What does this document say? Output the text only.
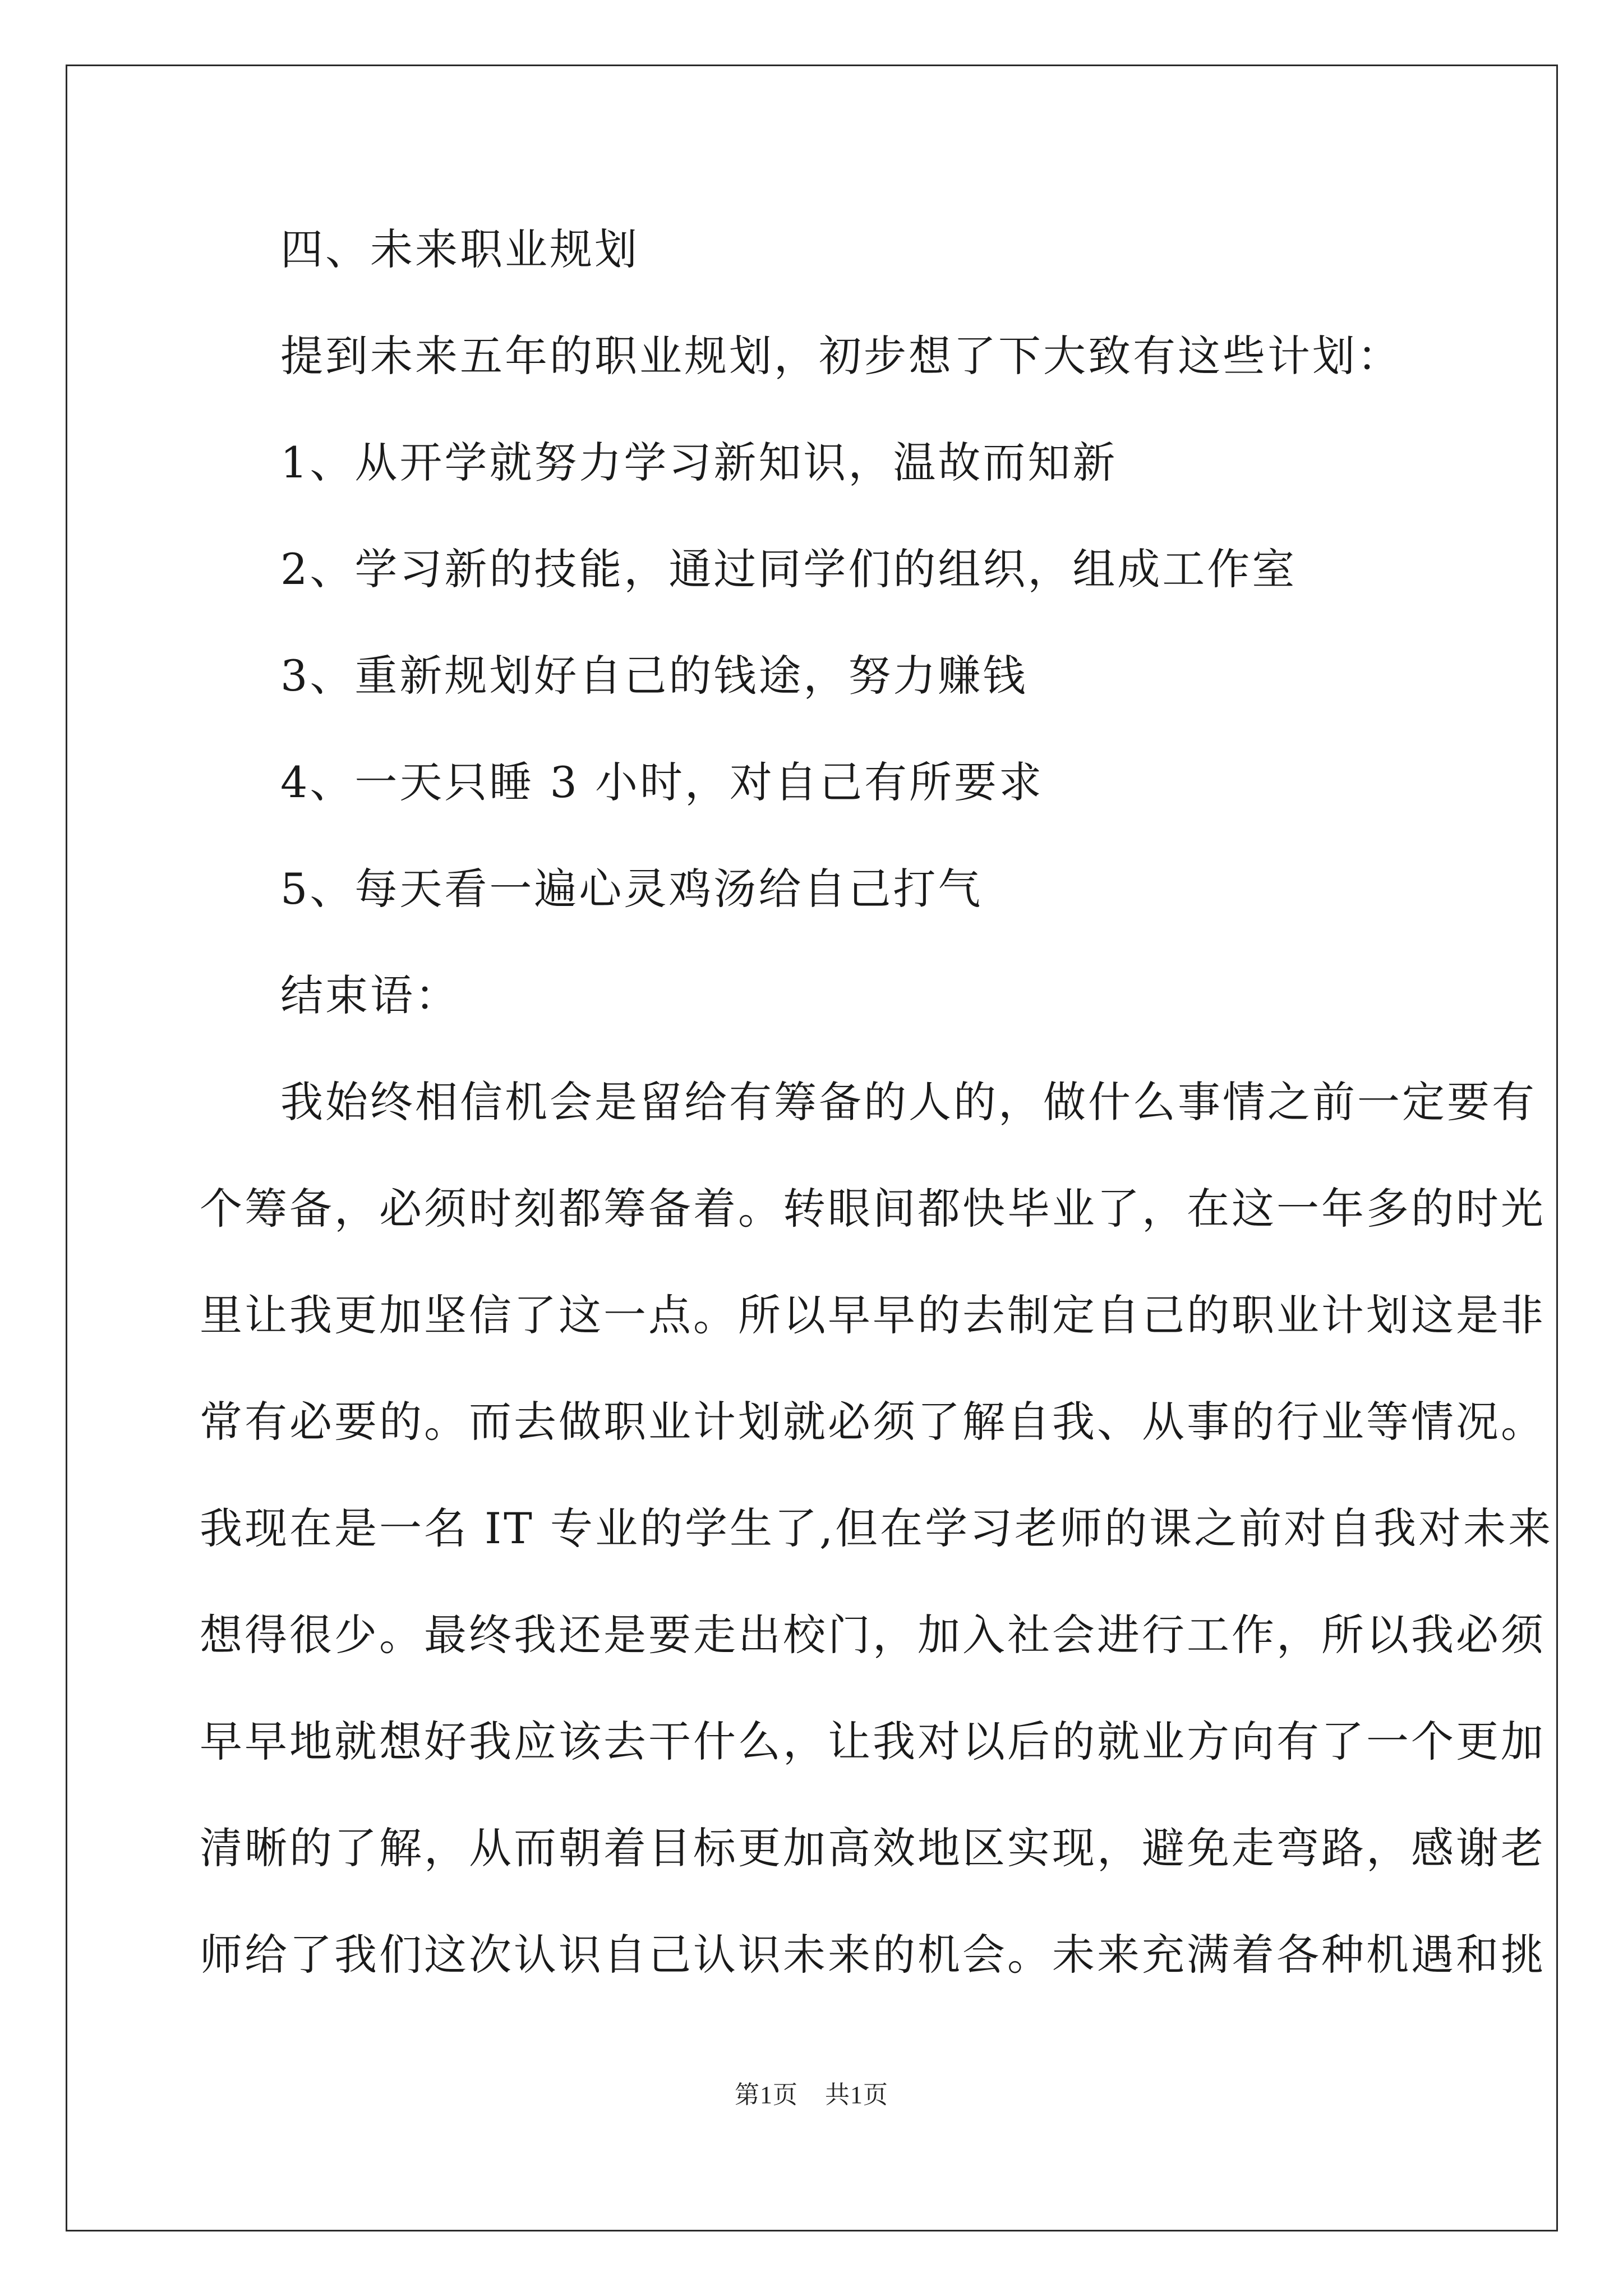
四、未来职业规划
提到未来五年的职业规划，初步想了下大致有这些计划：
1、从开学就努力学习新知识，温故而知新
2、学习新的技能，通过同学们的组织，组成工作室
3、重新规划好自己的钱途，努力赚钱
4、一天只睡 3 小时，对自己有所要求
5、每天看一遍心灵鸡汤给自己打气
结束语：
我始终相信机会是留给有筹备的人的，做什么事情之前一定要有
个筹备，必须时刻都筹备着。转眼间都快毕业了，在这一年多的时光
里让我更加坚信了这一点。所以早早的去制定自己的职业计划这是非
常有必要的。而去做职业计划就必须了解自我、从事的行业等情况。
我现在是一名 IT 专业的学生了,但在学习老师的课之前对自我对未来
想得很少。最终我还是要走出校门，加入社会进行工作，所以我必须
早早地就想好我应该去干什么，让我对以后的就业方向有了一个更加
清晰的了解，从而朝着目标更加高效地区实现，避免走弯路，感谢老
师给了我们这次认识自己认识未来的机会。未来充满着各种机遇和挑
第1页 共1页
